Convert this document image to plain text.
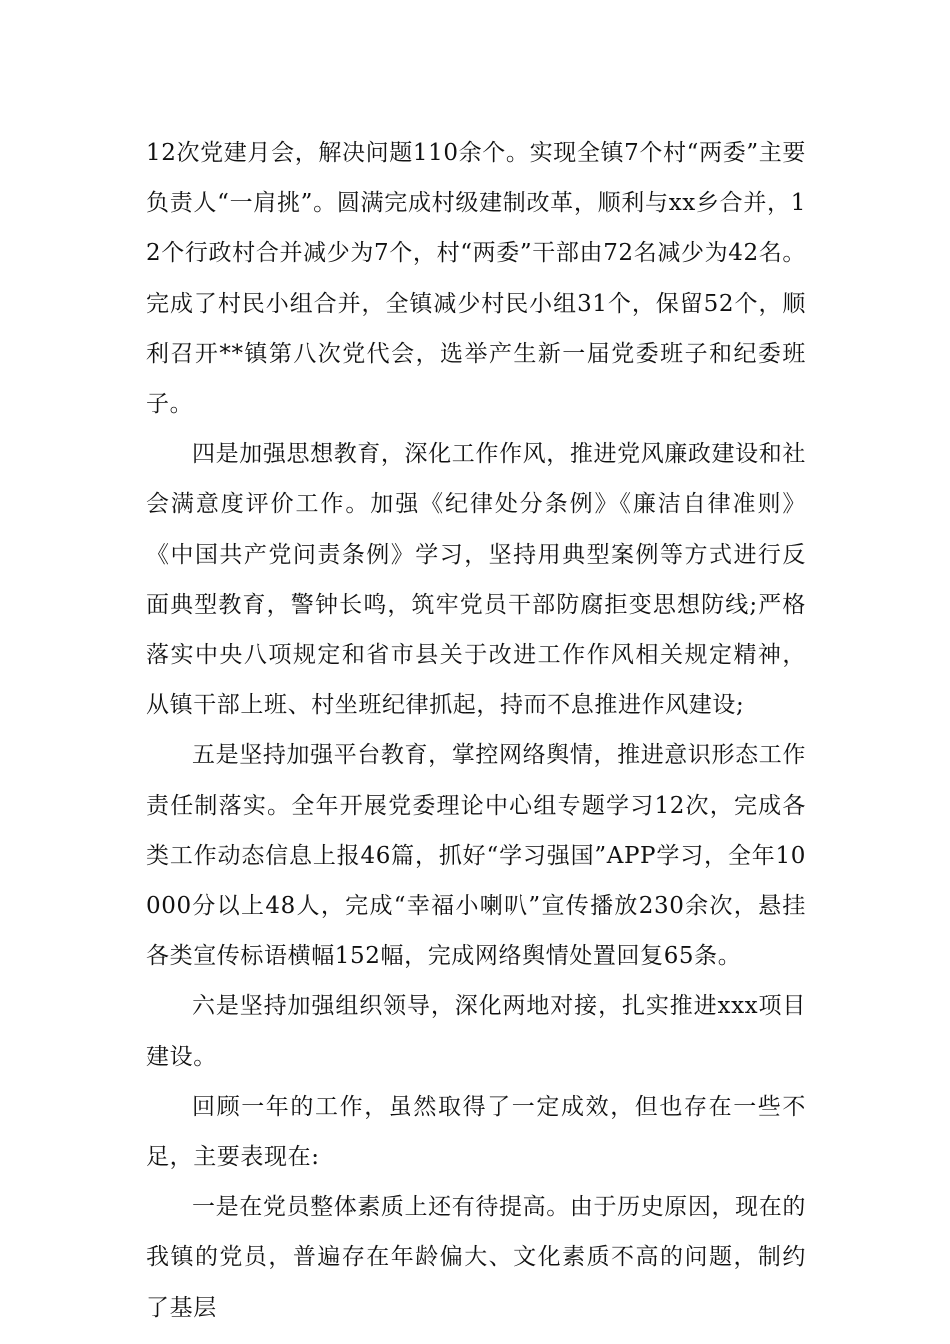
12次党建月会，解决问题110余个。实现全镇7个村“两委”主要负责人“一肩挑”。圆满完成村级建制改革，顺利与xx乡合并，12个行政村合并减少为7个，村“两委”干部由72名减少为42名。完成了村民小组合并，全镇减少村民小组31个，保留52个，顺利召开**镇第八次党代会，选举产生新一届党委班子和纪委班子。

四是加强思想教育，深化工作作风，推进党风廉政建设和社会满意度评价工作。加强《纪律处分条例》《廉洁自律准则》《中国共产党问责条例》学习，坚持用典型案例等方式进行反面典型教育，警钟长鸣，筑牢党员干部防腐拒变思想防线;严格落实中央八项规定和省市县关于改进工作作风相关规定精神，从镇干部上班、村坐班纪律抓起，持而不息推进作风建设;

五是坚持加强平台教育，掌控网络舆情，推进意识形态工作责任制落实。全年开展党委理论中心组专题学习12次，完成各类工作动态信息上报46篇，抓好“学习强国”APP学习，全年10000分以上48人，完成“幸福小喇叭”宣传播放230余次，悬挂各类宣传标语横幅152幅，完成网络舆情处置回复65条。

六是坚持加强组织领导，深化两地对接，扎实推进xxx项目建设。

回顾一年的工作，虽然取得了一定成效，但也存在一些不足，主要表现在:

一是在党员整体素质上还有待提高。由于历史原因，现在的我镇的党员，普遍存在年龄偏大、文化素质不高的问题，制约了基层
